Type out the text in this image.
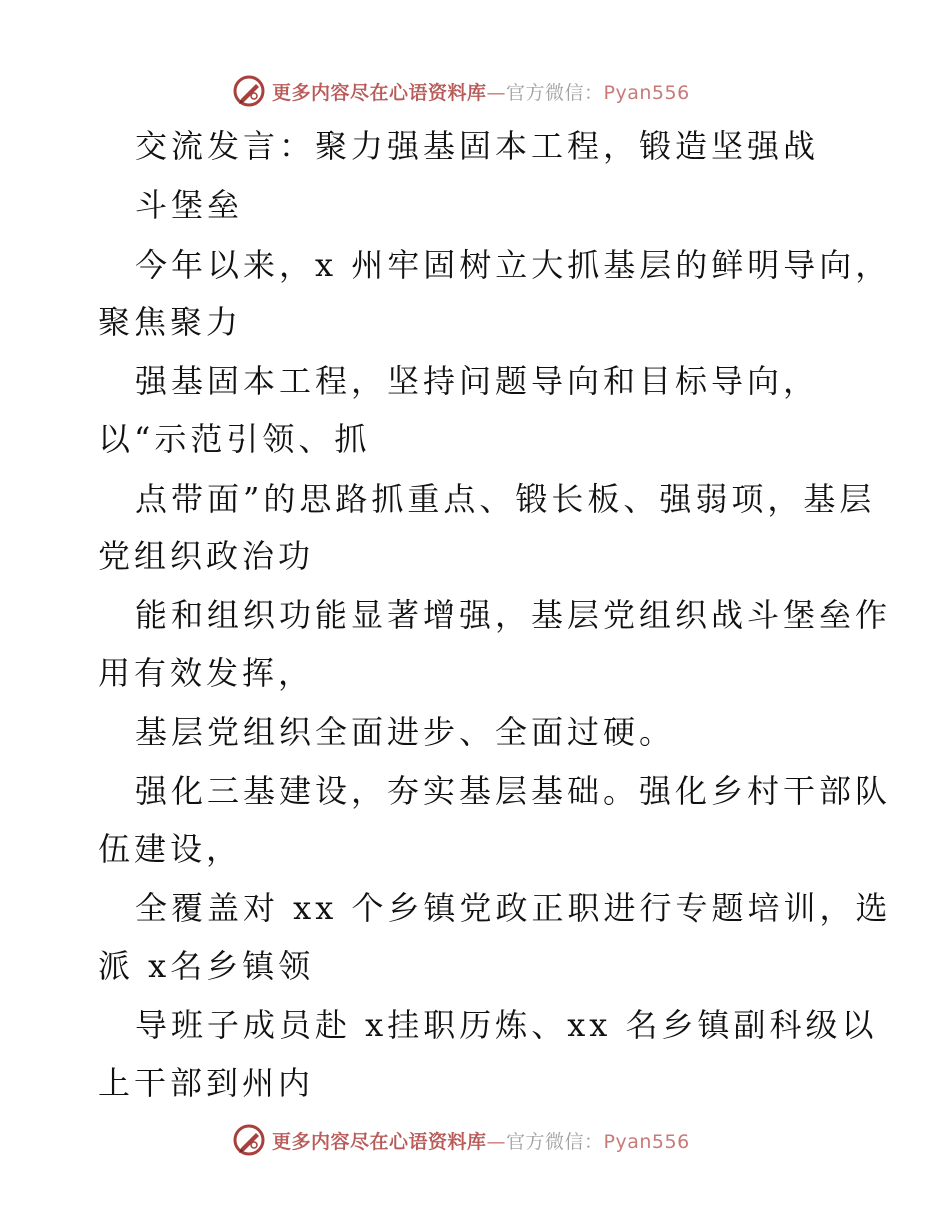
更多内容尽在心语资料库—官方微信：Pyan556
交流发言：聚力强基固本工程，锻造坚强战
斗堡垒
今年以来，x 州牢固树立大抓基层的鲜明导向，
聚焦聚力
强基固本工程，坚持问题导向和目标导向，
以“示范引领、抓
点带面”的思路抓重点、锻长板、强弱项，基层
党组织政治功
能和组织功能显著增强，基层党组织战斗堡垒作
用有效发挥，
基层党组织全面进步、全面过硬。
强化三基建设，夯实基层基础。强化乡村干部队
伍建设，
全覆盖对 xx 个乡镇党政正职进行专题培训，选
派 x名乡镇领
导班子成员赴 x挂职历炼、xx 名乡镇副科级以
上干部到州内
更多内容尽在心语资料库—官方微信：Pyan556
